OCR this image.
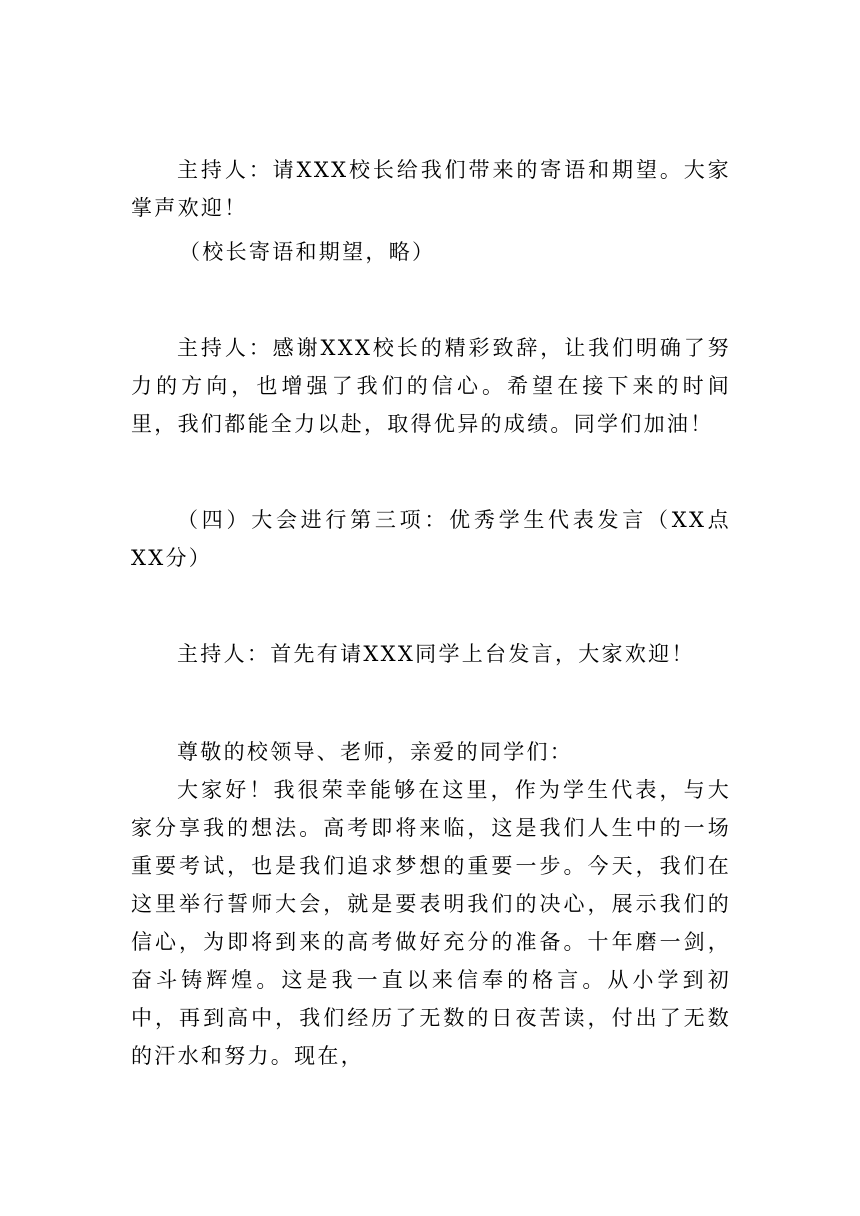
主持人：请XXX校长给我们带来的寄语和期望。大家掌声欢迎！

（校长寄语和期望，略）

主持人：感谢XXX校长的精彩致辞，让我们明确了努力的方向，也增强了我们的信心。希望在接下来的时间里，我们都能全力以赴，取得优异的成绩。同学们加油！

（四）大会进行第三项：优秀学生代表发言（XX点XX分）

主持人：首先有请XXX同学上台发言，大家欢迎！

尊敬的校领导、老师，亲爱的同学们：

大家好！我很荣幸能够在这里，作为学生代表，与大家分享我的想法。高考即将来临，这是我们人生中的一场重要考试，也是我们追求梦想的重要一步。今天，我们在这里举行誓师大会，就是要表明我们的决心，展示我们的信心，为即将到来的高考做好充分的准备。十年磨一剑，奋斗铸辉煌。这是我一直以来信奉的格言。从小学到初中，再到高中，我们经历了无数的日夜苦读，付出了无数的汗水和努力。现在，
